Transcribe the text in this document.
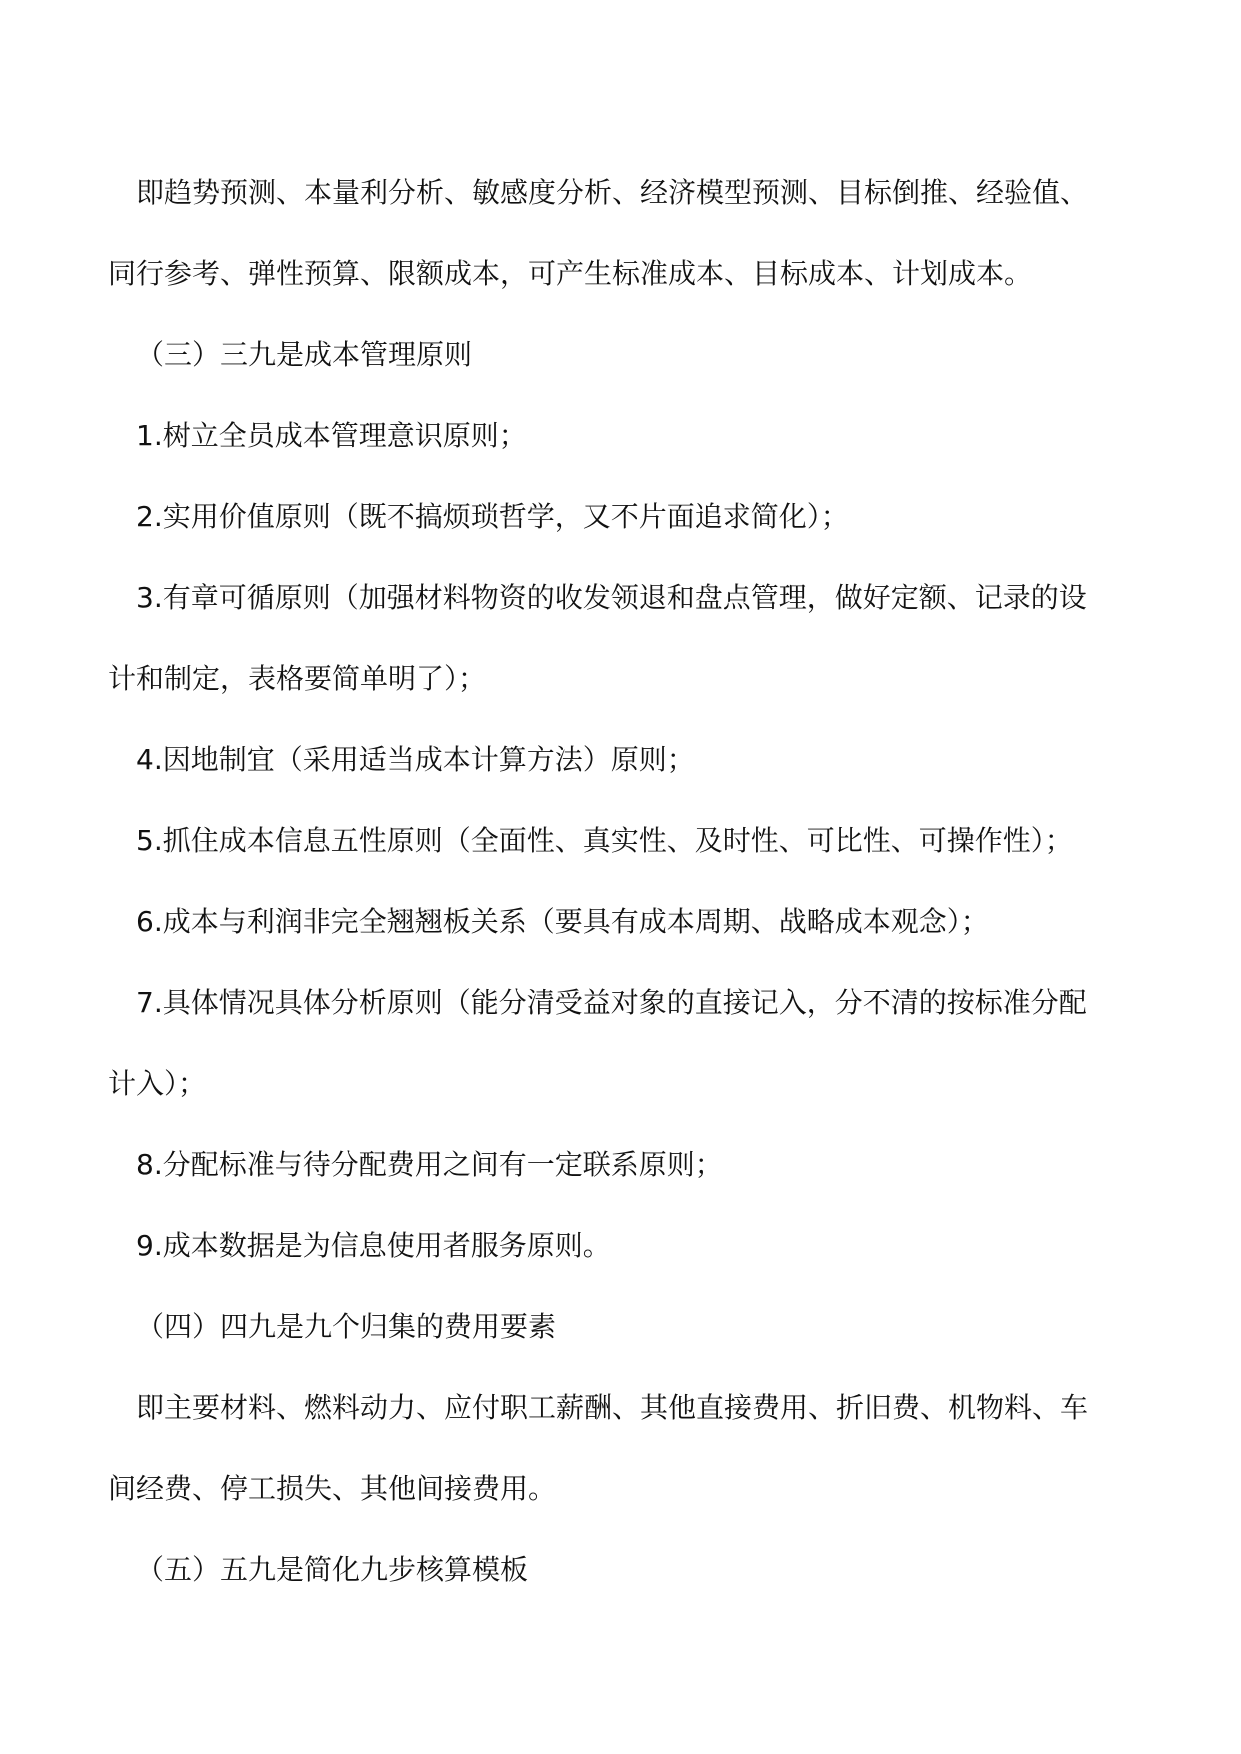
即趋势预测、本量利分析、敏感度分析、经济模型预测、目标倒推、经验值、
同行参考、弹性预算、限额成本，可产生标准成本、目标成本、计划成本。
（三）三九是成本管理原则
1.树立全员成本管理意识原则；
2.实用价值原则（既不搞烦琐哲学，又不片面追求简化）；
3.有章可循原则（加强材料物资的收发领退和盘点管理，做好定额、记录的设
计和制定，表格要简单明了）；
4.因地制宜（采用适当成本计算方法）原则；
5.抓住成本信息五性原则（全面性、真实性、及时性、可比性、可操作性）；
6.成本与利润非完全翘翘板关系（要具有成本周期、战略成本观念）；
7.具体情况具体分析原则（能分清受益对象的直接记入，分不清的按标准分配
计入）；
8.分配标准与待分配费用之间有一定联系原则；
9.成本数据是为信息使用者服务原则。
（四）四九是九个归集的费用要素
即主要材料、燃料动力、应付职工薪酬、其他直接费用、折旧费、机物料、车
间经费、停工损失、其他间接费用。
（五）五九是简化九步核算模板
